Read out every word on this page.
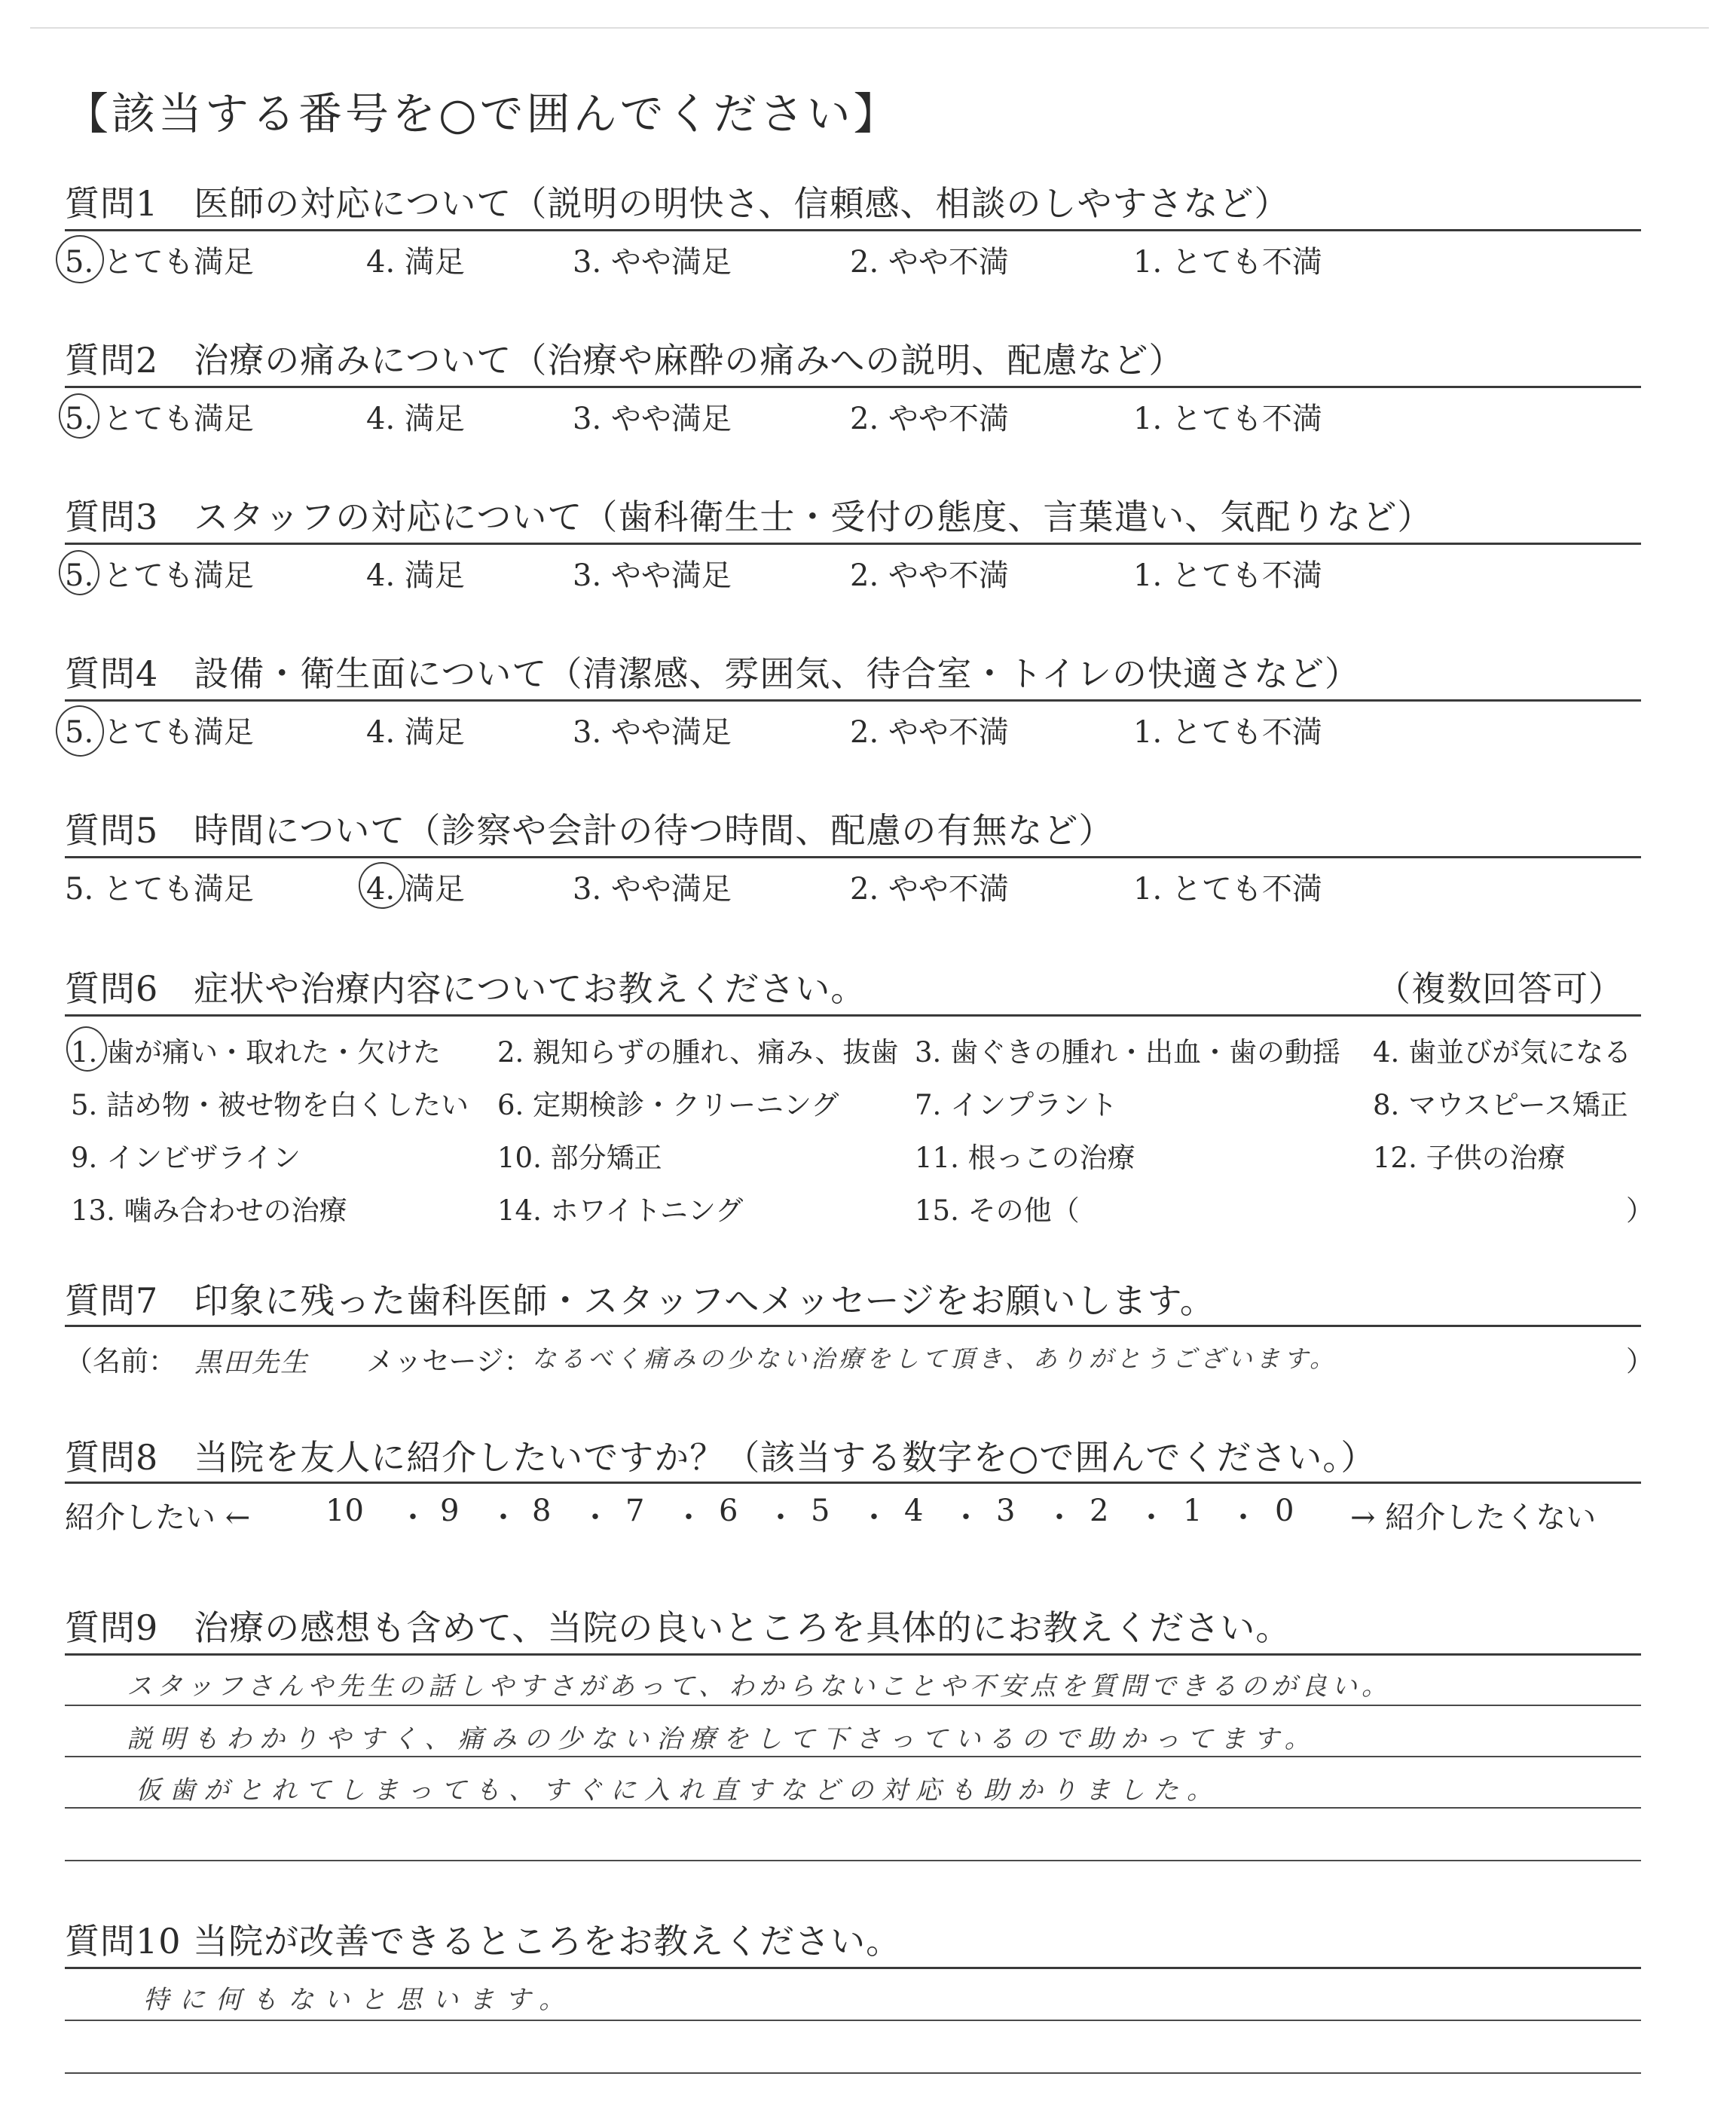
【該当する番号を○で囲んでください】
質問1　医師の対応について（説明の明快さ、信頼感、相談のしやすさなど）
5. とても満足	4. 満足	3. やや満足	2. やや不満	1. とても不満
質問2　治療の痛みについて（治療や麻酔の痛みへの説明、配慮など）
5. とても満足	4. 満足	3. やや満足	2. やや不満	1. とても不満
質問3　スタッフの対応について（歯科衛生士・受付の態度、言葉遣い、気配りなど）
5. とても満足	4. 満足	3. やや満足	2. やや不満	1. とても不満
質問4　設備・衛生面について（清潔感、雰囲気、待合室・トイレの快適さなど）
5. とても満足	4. 満足	3. やや満足	2. やや不満	1. とても不満
質問5　時間について（診察や会計の待つ時間、配慮の有無など）
5. とても満足	4. 満足	3. やや満足	2. やや不満	1. とても不満
質問6　症状や治療内容についてお教えください。	（複数回答可）
1. 歯が痛い・取れた・欠けた 2. 親知らずの腫れ、痛み、抜歯 3. 歯ぐきの腫れ・出血・歯の動揺 4. 歯並びが気になる
5. 詰め物・被せ物を白くしたい 6. 定期検診・クリーニング	7. インプラント	8. マウスピース矯正
9. インビザライン	10. 部分矯正	11. 根っこの治療	12. 子供の治療
13. 噛み合わせの治療	14. ホワイトニング	15. その他（	）
質問7　印象に残った歯科医師・スタッフへメッセージをお願いします。
（名前： 黒田先生 メッセージ： なるべく痛みの少ない治療をして頂き、ありがとうございます。	）
質問8　当院を友人に紹介したいですか？（該当する数字を○で囲んでください。）
紹介したい ← 10 ・ 9 ・ 8 ・ 7 ・ 6 ・ 5 ・ 4 ・ 3 ・ 2 ・ 1 ・ 0 → 紹介したくない
質問9　治療の感想も含めて、当院の良いところを具体的にお教えください。
スタッフさんや先生の話しやすさがあって、わからないことや不安点を質問できるのが良い。
説明もわかりやすく、痛みの少ない治療をして下さっているので助かってます。
仮歯がとれてしまっても、すぐに入れ直すなどの対応も助かりました。
質問10 当院が改善できるところをお教えください。
特に何もないと思います。
